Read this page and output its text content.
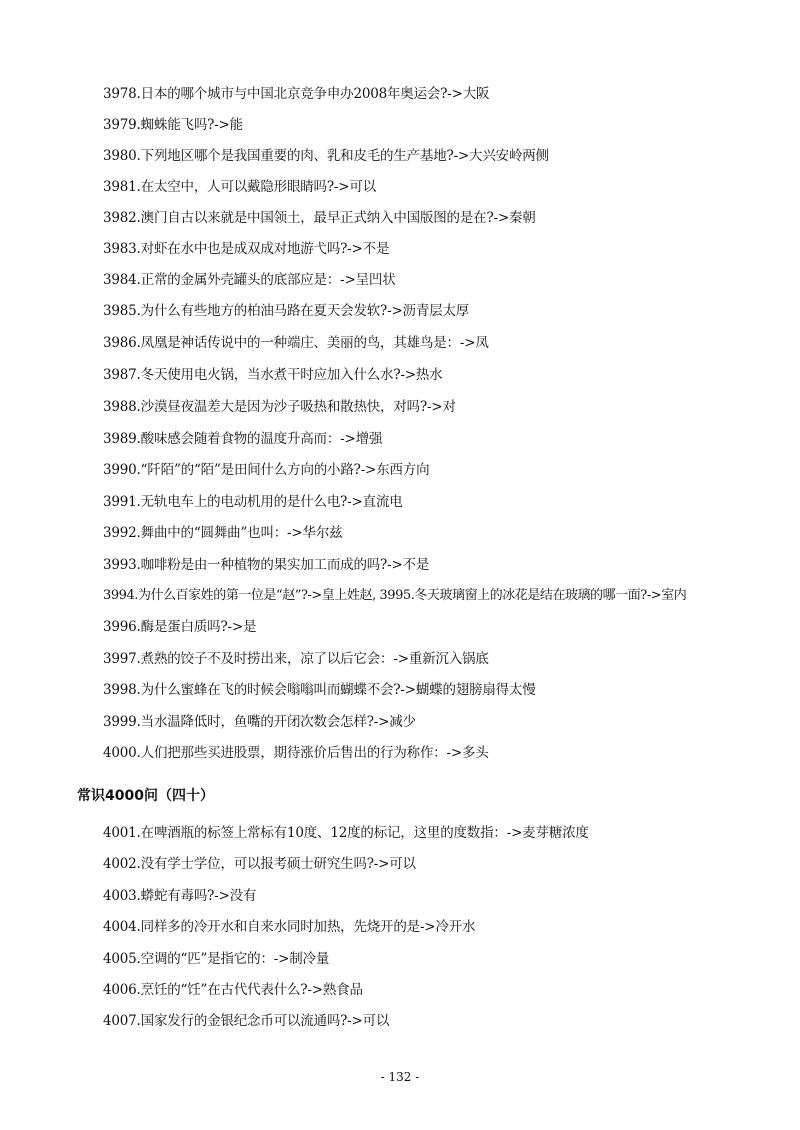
3978.日本的哪个城市与中国北京竞争申办2008年奥运会?->大阪
3979.蜘蛛能飞吗?->能
3980.下列地区哪个是我国重要的肉、乳和皮毛的生产基地?->大兴安岭两侧
3981.在太空中，人可以戴隐形眼睛吗?->可以
3982.澳门自古以来就是中国领土，最早正式纳入中国版图的是在?->秦朝
3983.对虾在水中也是成双成对地游弋吗?->不是
3984.正常的金属外壳罐头的底部应是：->呈凹状
3985.为什么有些地方的柏油马路在夏天会发软?->沥青层太厚
3986.凤凰是神话传说中的一种端庄、美丽的鸟，其雄鸟是：->凤
3987.冬天使用电火锅，当水煮干时应加入什么水?->热水
3988.沙漠昼夜温差大是因为沙子吸热和散热快，对吗?->对
3989.酸味感会随着食物的温度升高而：->增强
3990.“阡陌”的“陌”是田间什么方向的小路?->东西方向
3991.无轨电车上的电动机用的是什么电?->直流电
3992.舞曲中的“圆舞曲”也叫：->华尔兹
3993.咖啡粉是由一种植物的果实加工而成的吗?->不是
3994.为什么百家姓的第一位是“赵”?->皇上姓赵, 3995.冬天玻璃窗上的冰花是结在玻璃的哪一面?->室内
3996.酶是蛋白质吗?->是
3997.煮熟的饺子不及时捞出来，凉了以后它会：->重新沉入锅底
3998.为什么蜜蜂在飞的时候会嗡嗡叫而蝴蝶不会?->蝴蝶的翅膀扇得太慢
3999.当水温降低时，鱼嘴的开闭次数会怎样?->减少
4000.人们把那些买进股票，期待涨价后售出的行为称作：->多头
常识4000问（四十）
4001.在啤酒瓶的标签上常标有10度、12度的标记，这里的度数指：->麦芽糖浓度
4002.没有学士学位，可以报考硕士研究生吗?->可以
4003.蟒蛇有毒吗?->没有
4004.同样多的冷开水和自来水同时加热，先烧开的是->冷开水
4005.空调的“匹”是指它的：->制冷量
4006.烹饪的“饪”在古代代表什么?->熟食品
4007.国家发行的金银纪念币可以流通吗?->可以
- 132 -
